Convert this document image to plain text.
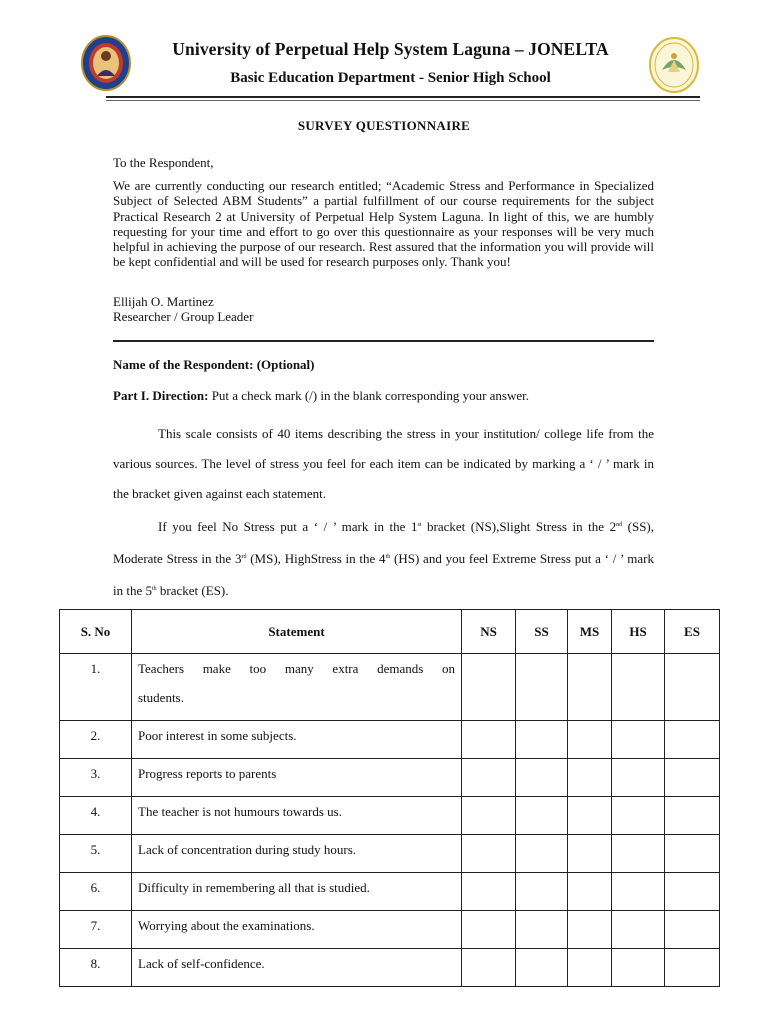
University of Perpetual Help System Laguna – JONELTA
Basic Education Department - Senior High School
SURVEY QUESTIONNAIRE
To the Respondent,
We are currently conducting our research entitled; “Academic Stress and Performance in Specialized Subject of Selected ABM Students” a partial fulfillment of our course requirements for the subject Practical Research 2 at University of Perpetual Help System Laguna. In light of this, we are humbly requesting for your time and effort to go over this questionnaire as your responses will be very much helpful in achieving the purpose of our research. Rest assured that the information you will provide will be kept confidential and will be used for research purposes only. Thank you!
Ellijah O. Martinez
Researcher / Group Leader
Name of the Respondent: (Optional)
Part I. Direction: Put a check mark (/) in the blank corresponding your answer.
This scale consists of 40 items describing the stress in your institution/ college life from the various sources. The level of stress you feel for each item can be indicated by marking a ‘ / ’ mark in the bracket given against each statement.
If you feel No Stress put a ‘ / ’ mark in the 1st bracket (NS),Slight Stress in the 2nd (SS), Moderate Stress in the 3rd (MS), HighStress in the 4th (HS) and you feel Extreme Stress put a ‘ / ’ mark in the 5th bracket (ES).
S. No	Statement	NS	SS	MS	HS	ES
1.	Teachers make too many extra demands on
students.					

2.	Poor interest in some subjects.					

3.	Progress reports to parents					

4.	The teacher is not humours towards us.					

5.	Lack of concentration during study hours.					

6.	Difficulty in remembering all that is studied.					

7.	Worrying about the examinations.					

8.	Lack of self-confidence.					
